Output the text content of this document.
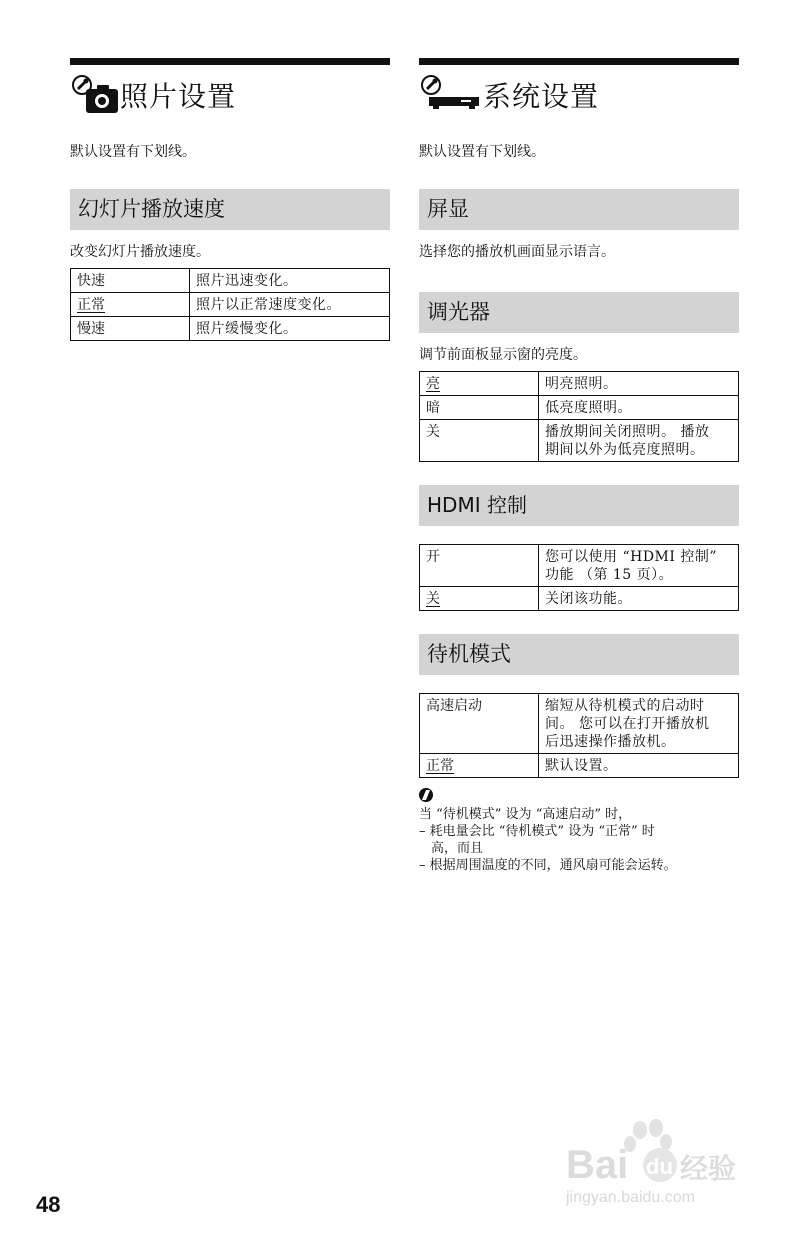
照片设置
默认设置有下划线。
幻灯片播放速度
改变幻灯片播放速度。
快速	照片迅速变化。
正常	照片以正常速度变化。
慢速	照片缓慢变化。
系统设置
默认设置有下划线。
屏显
选择您的播放机画面显示语言。
调光器
调节前面板显示窗的亮度。
亮	明亮照明。
暗	低亮度照明。
关	播放期间关闭照明。 播放
期间以外为低亮度照明。
HDMI 控制
开	您可以使用 “HDMI 控制”
功能 （第 15 页）。

关	关闭该功能。
待机模式
高速启动	缩短从待机模式的启动时
间。 您可以在打开播放机
后迅速操作播放机。

正常	默认设置。
当 “待机模式” 设为 “高速启动” 时，
– 耗电量会比 “待机模式” 设为 “正常” 时
高，而且
– 根据周围温度的不同，通风扇可能会运转。
48
Bai du 经验
jingyan.baidu.com
